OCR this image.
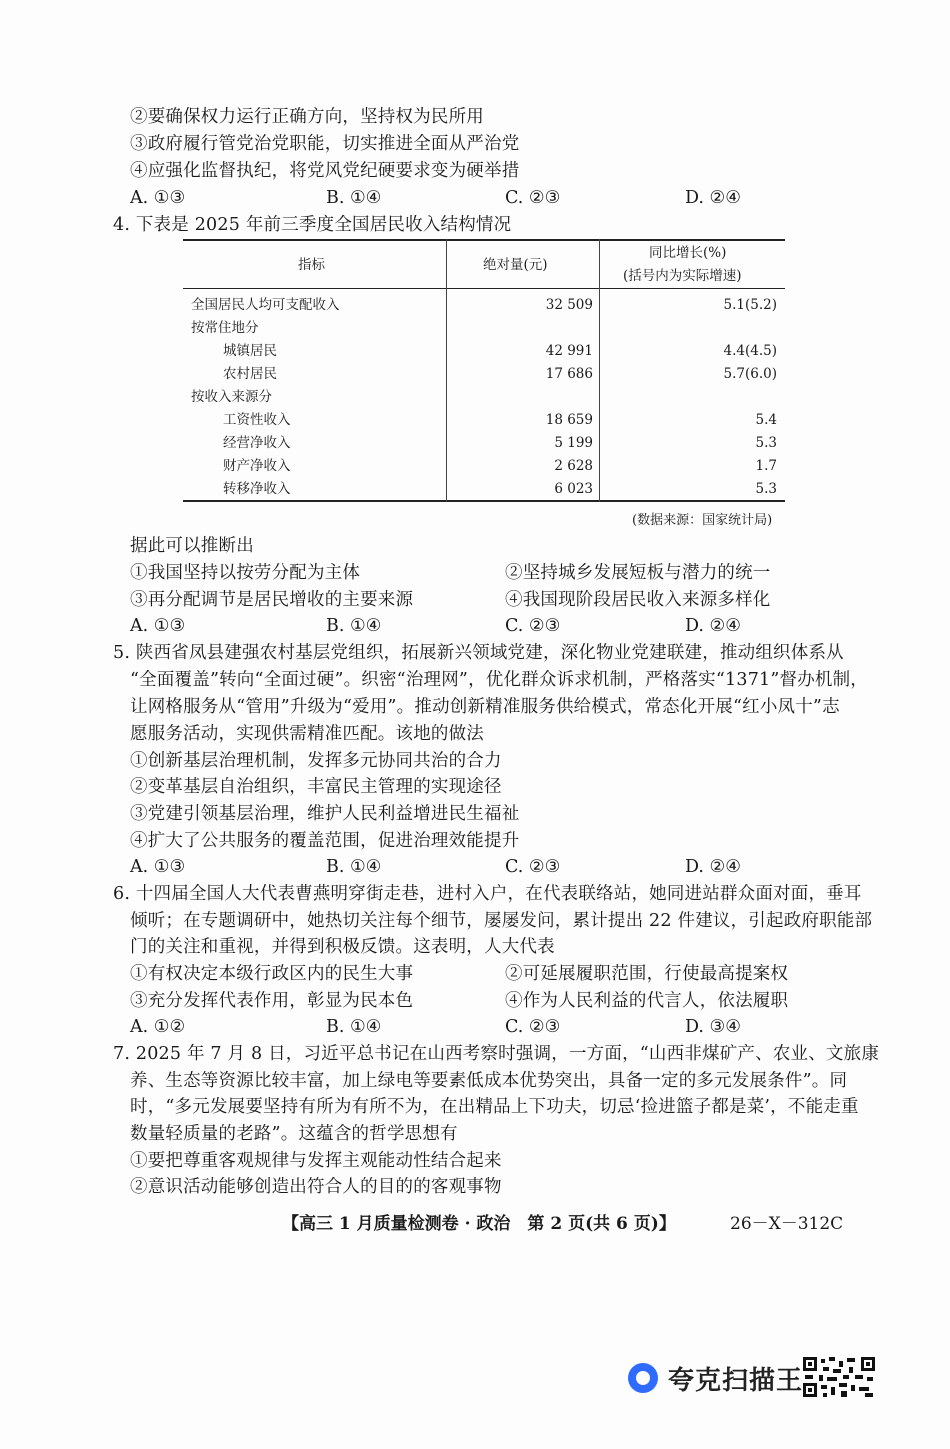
②要确保权力运行正确方向，坚持权为民所用
③政府履行管党治党职能，切实推进全面从严治党
④应强化监督执纪，将党风党纪硬要求变为硬举措
A. ①③	B. ①④	C. ②③	D. ②④
4. 下表是 2025 年前三季度全国居民收入结构情况
指标	绝对量(元)
同比增长(%)
(括号内为实际增速)
全国居民人均可支配收入	32 509	5.1(5.2)
按常住地分
城镇居民	42 991	4.4(4.5)
农村居民	17 686	5.7(6.0)
按收入来源分
工资性收入	18 659	5.4
经营净收入	5 199	5.3
财产净收入	2 628	1.7
转移净收入	6 023	5.3
(数据来源：国家统计局)
据此可以推断出
①我国坚持以按劳分配为主体	②坚持城乡发展短板与潜力的统一
③再分配调节是居民增收的主要来源	④我国现阶段居民收入来源多样化
A. ①③	B. ①④	C. ②③	D. ②④
5. 陕西省凤县建强农村基层党组织，拓展新兴领域党建，深化物业党建联建，推动组织体系从
“全面覆盖”转向“全面过硬”。织密“治理网”，优化群众诉求机制，严格落实“1371”督办机制，
让网格服务从“管用”升级为“爱用”。推动创新精准服务供给模式，常态化开展“红小凤十”志
愿服务活动，实现供需精准匹配。该地的做法
①创新基层治理机制，发挥多元协同共治的合力
②变革基层自治组织，丰富民主管理的实现途径
③党建引领基层治理，维护人民利益增进民生福祉
④扩大了公共服务的覆盖范围，促进治理效能提升
A. ①③	B. ①④	C. ②③	D. ②④
6. 十四届全国人大代表曹燕明穿街走巷，进村入户，在代表联络站，她同进站群众面对面，垂耳
倾听；在专题调研中，她热切关注每个细节，屡屡发问，累计提出 22 件建议，引起政府职能部
门的关注和重视，并得到积极反馈。这表明，人大代表
①有权决定本级行政区内的民生大事	②可延展履职范围，行使最高提案权
③充分发挥代表作用，彰显为民本色	④作为人民利益的代言人，依法履职
A. ①②	B. ①④	C. ②③	D. ③④
7. 2025 年 7 月 8 日，习近平总书记在山西考察时强调，一方面，“山西非煤矿产、农业、文旅康
养、生态等资源比较丰富，加上绿电等要素低成本优势突出，具备一定的多元发展条件”。同
时，“多元发展要坚持有所为有所不为，在出精品上下功夫，切忌‘捡进篮子都是菜’，不能走重
数量轻质量的老路”。这蕴含的哲学思想有
①要把尊重客观规律与发挥主观能动性结合起来
②意识活动能够创造出符合人的目的的客观事物
【高三 1 月质量检测卷 · 政治　第 2 页(共 6 页)】	26－X－312C
夸克扫描王
